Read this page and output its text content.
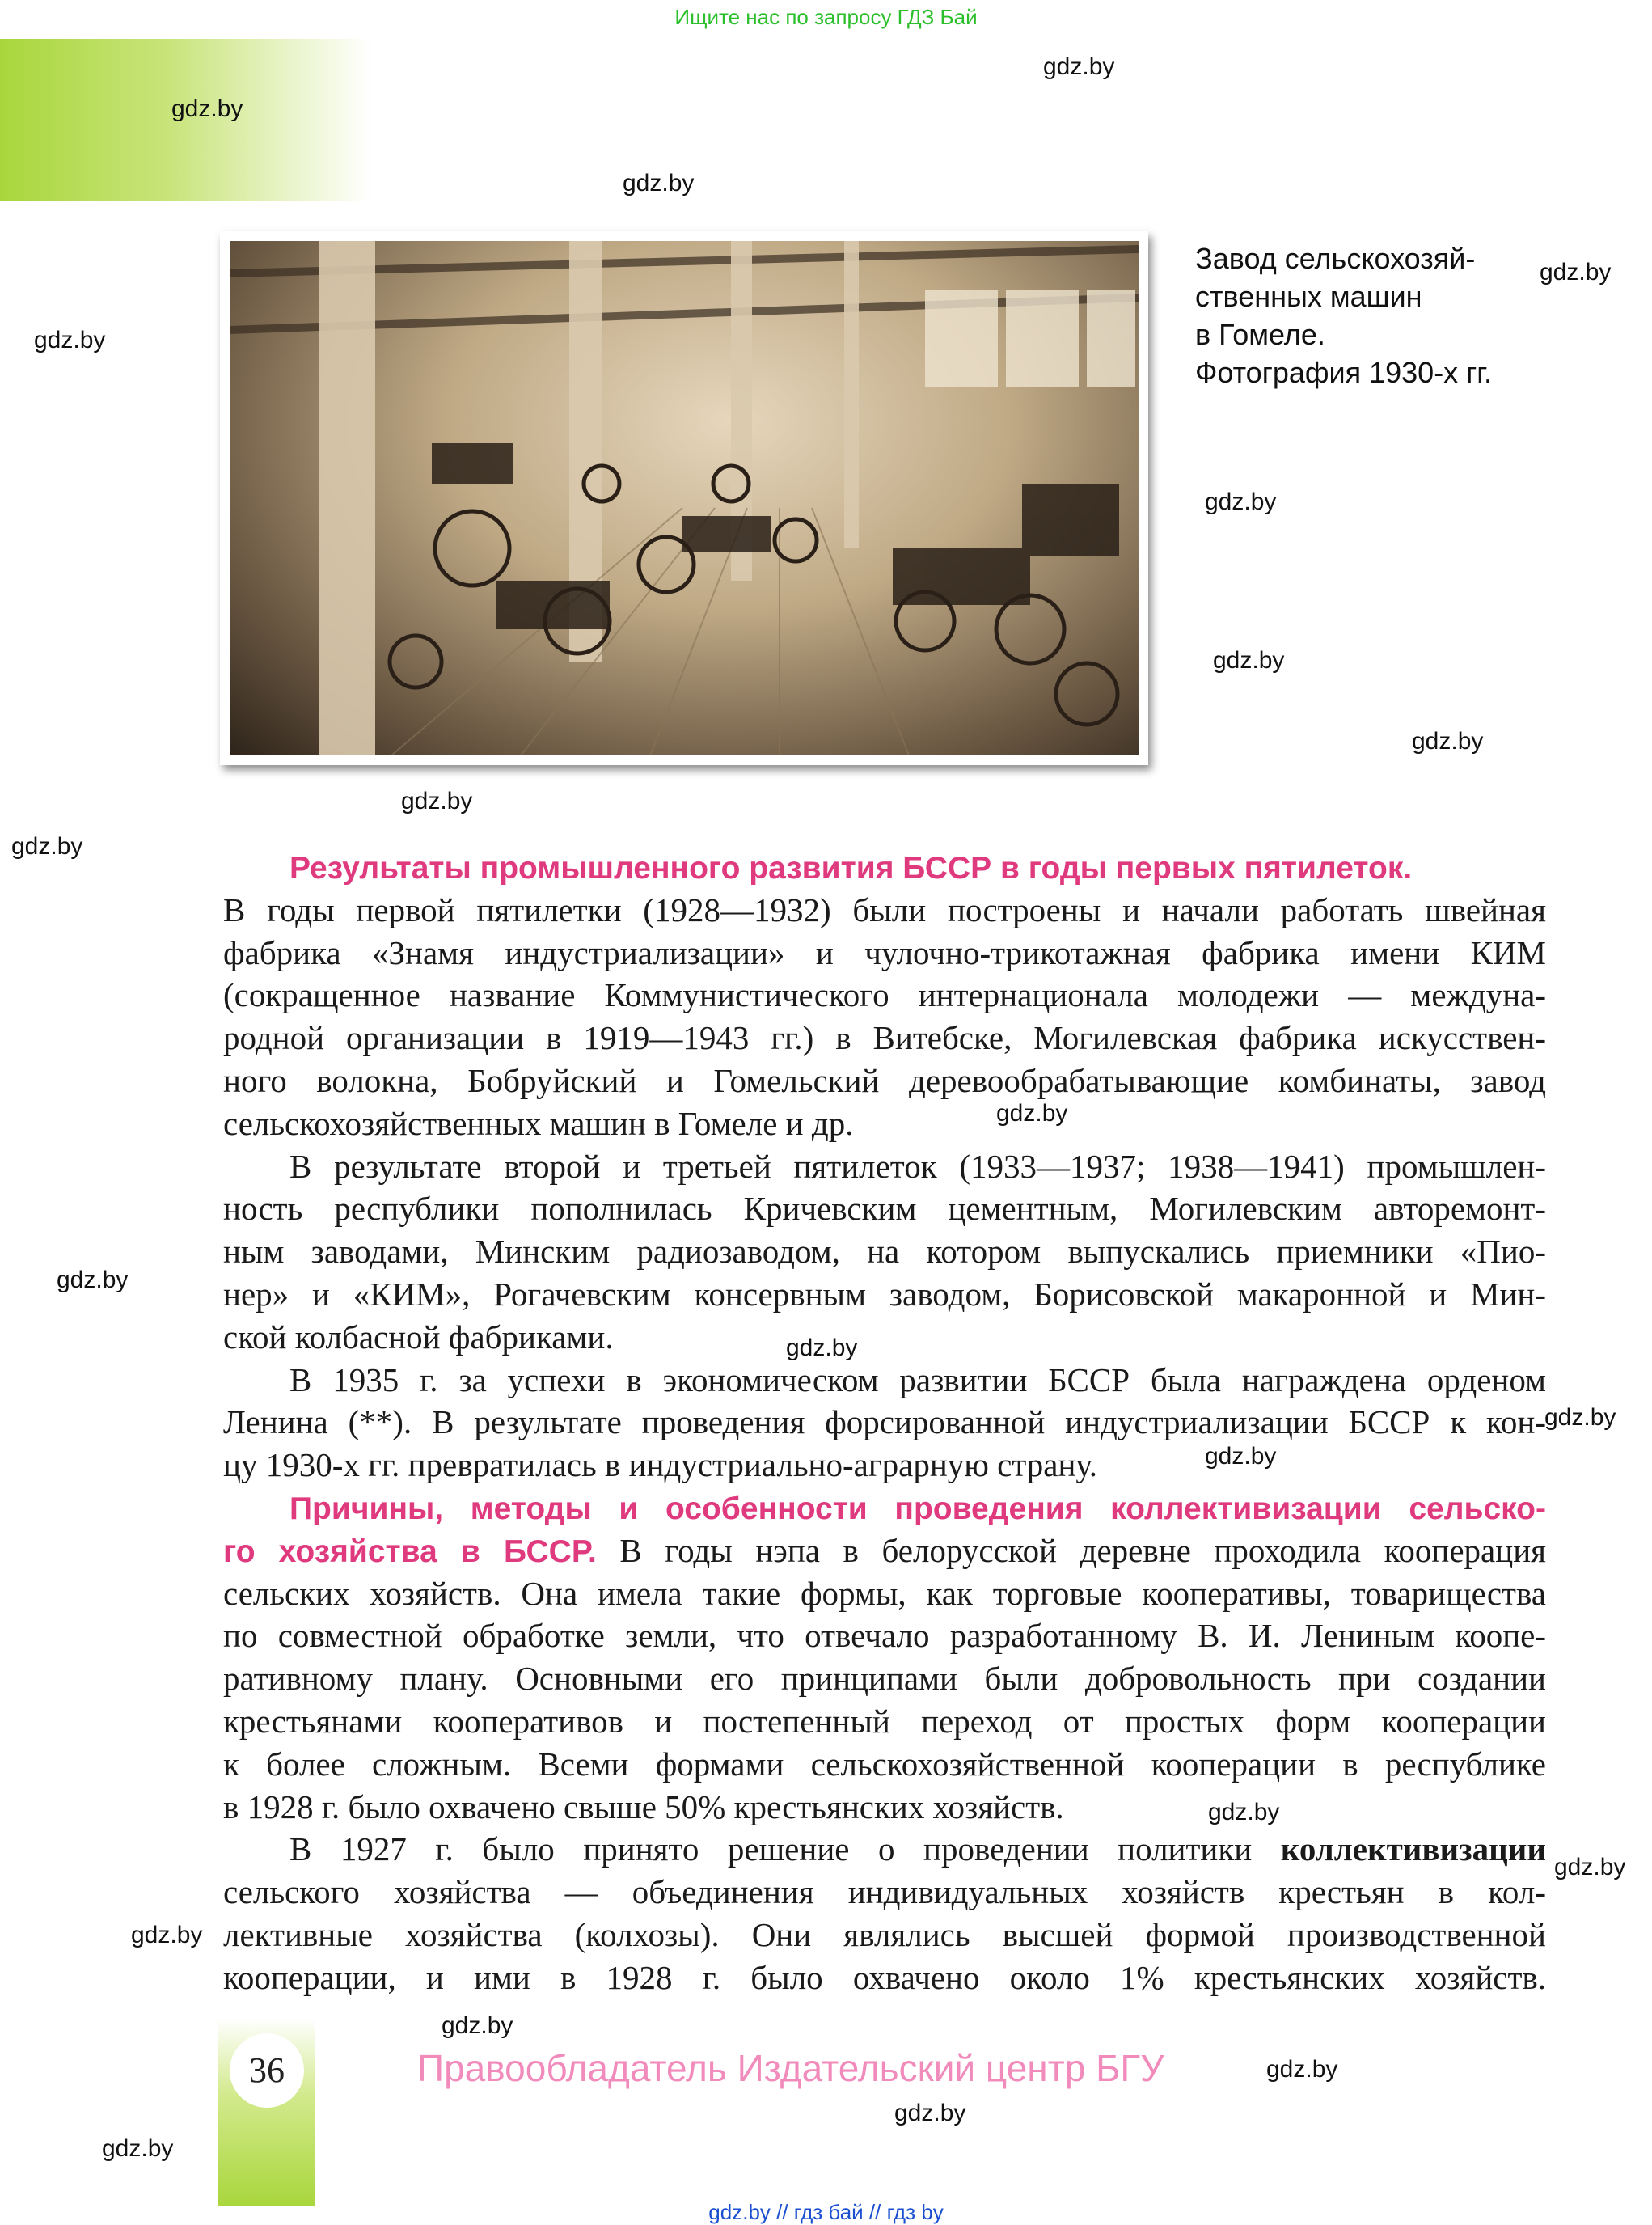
Ищите нас по запросу ГДЗ Бай
gdz.by
gdz.by
gdz.by
gdz.by
gdz.by
gdz.by
gdz.by
gdz.by
gdz.by
gdz.by
gdz.by
gdz.by
gdz.by
gdz.by
gdz.by
gdz.by
gdz.by
gdz.by
gdz.by
gdz.by
gdz.by
gdz.by
Завод сельскохозяй-
ственных машин
в Гомеле.
Фотография 1930-х гг.
Результаты промышленного развития БССР в годы первых пятилеток.
В годы первой пятилетки (1928—1932) были построены и начали работать швейная
фабрика «Знамя индустриализации» и чулочно-трикотажная фабрика имени КИМ
(сокращенное название Коммунистического интернационала молодежи — междуна-
родной организации в 1919—1943 гг.) в Витебске, Могилевская фабрика искусствен-
ного волокна, Бобруйский и Гомельский деревообрабатывающие комбинаты, завод
сельскохозяйственных машин в Гомеле и др.
В результате второй и третьей пятилеток (1933—1937; 1938—1941) промышлен-
ность республики пополнилась Кричевским цементным, Могилевским авторемонт-
ным заводами, Минским радиозаводом, на котором выпускались приемники «Пио-
нер» и «КИМ», Рогачевским консервным заводом, Борисовской макаронной и Мин-
ской колбасной фабриками.
В 1935 г. за успехи в экономическом развитии БССР была награждена орденом
Ленина (**). В результате проведения форсированной индустриализации БССР к кон-
цу 1930-х гг. превратилась в индустриально-аграрную страну.
Причины, методы и особенности проведения коллективизации сельско-
го хозяйства в БССР. В годы нэпа в белорусской деревне проходила кооперация
сельских хозяйств. Она имела такие формы, как торговые кооперативы, товарищества
по совместной обработке земли, что отвечало разработанному В. И. Лениным коопе-
ративному плану. Основными его принципами были добровольность при создании
крестьянами кооперативов и постепенный переход от простых форм кооперации
к более сложным. Всеми формами сельскохозяйственной кооперации в республике
в 1928 г. было охвачено свыше 50% крестьянских хозяйств.
В 1927 г. было принято решение о проведении политики коллективизации
сельского хозяйства — объединения индивидуальных хозяйств крестьян в кол-
лективные хозяйства (колхозы). Они являлись высшей формой производственной
кооперации, и ими в 1928 г. было охвачено около 1% крестьянских хозяйств.
36	Правообладатель Издательский центр БГУ
gdz.by // гдз бай // гдз by
